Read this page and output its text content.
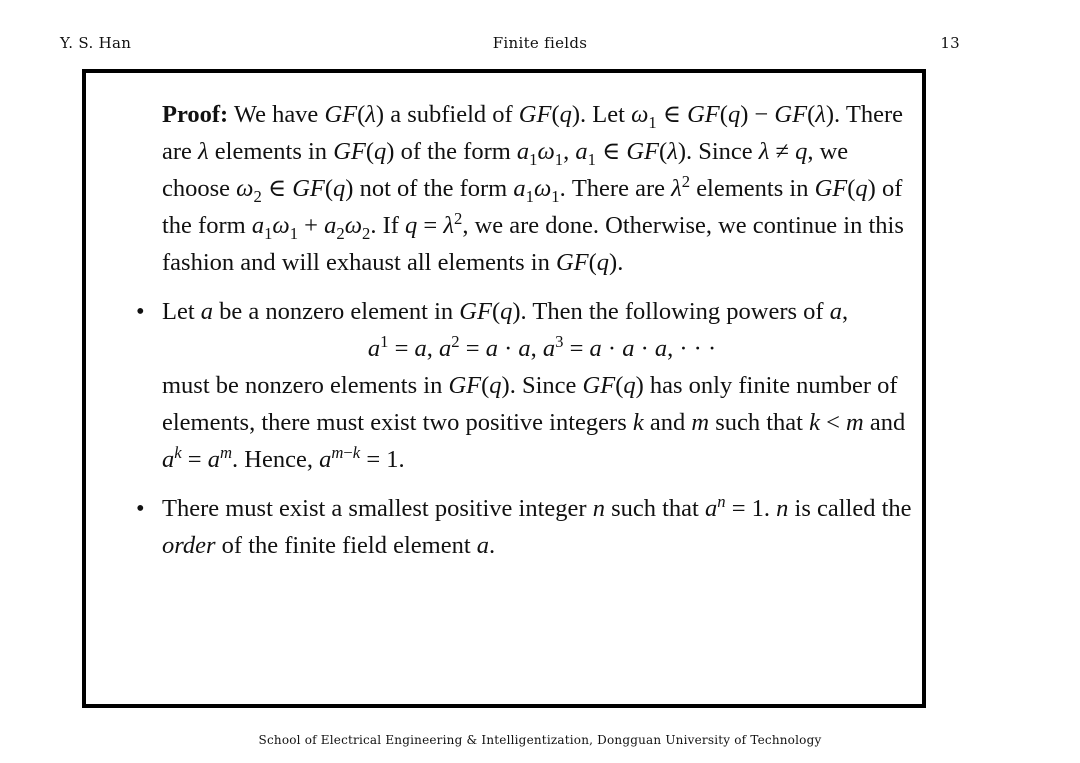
Y. S. Han	Finite fields	13

Proof: We have GF(λ) a subfield of GF(q). Let $\omega_1$ ∈ GF(q) − GF(λ). There are λ elements in GF(q) of the form $a_1\omega_1$, $a_1$ ∈ GF(λ). Since λ ≠ q, we choose $\omega_2$ ∈ GF(q) not of the form $a_1\omega_1$. There are $\lambda^2$ elements in GF(q) of the form $a_1\omega_1 + a_2\omega_2$. If $q = \lambda^2$, we are done. Otherwise, we continue in this fashion and will exhaust all elements in GF(q).

• Let a be a nonzero element in GF(q). Then the following powers of a,

$a^1 = a$, $a^2 = a \cdot a$, $a^3 = a \cdot a \cdot a$, · · ·

must be nonzero elements in GF(q). Since GF(q) has only finite number of elements, there must exist two positive integers k and m such that k < m and $a^k = a^m$. Hence, $a^{m-k} = 1$.

• There must exist a smallest positive integer n such that $a^n = 1$. n is called the order of the finite field element a.

School of Electrical Engineering & Intelligentization, Dongguan University of Technology
